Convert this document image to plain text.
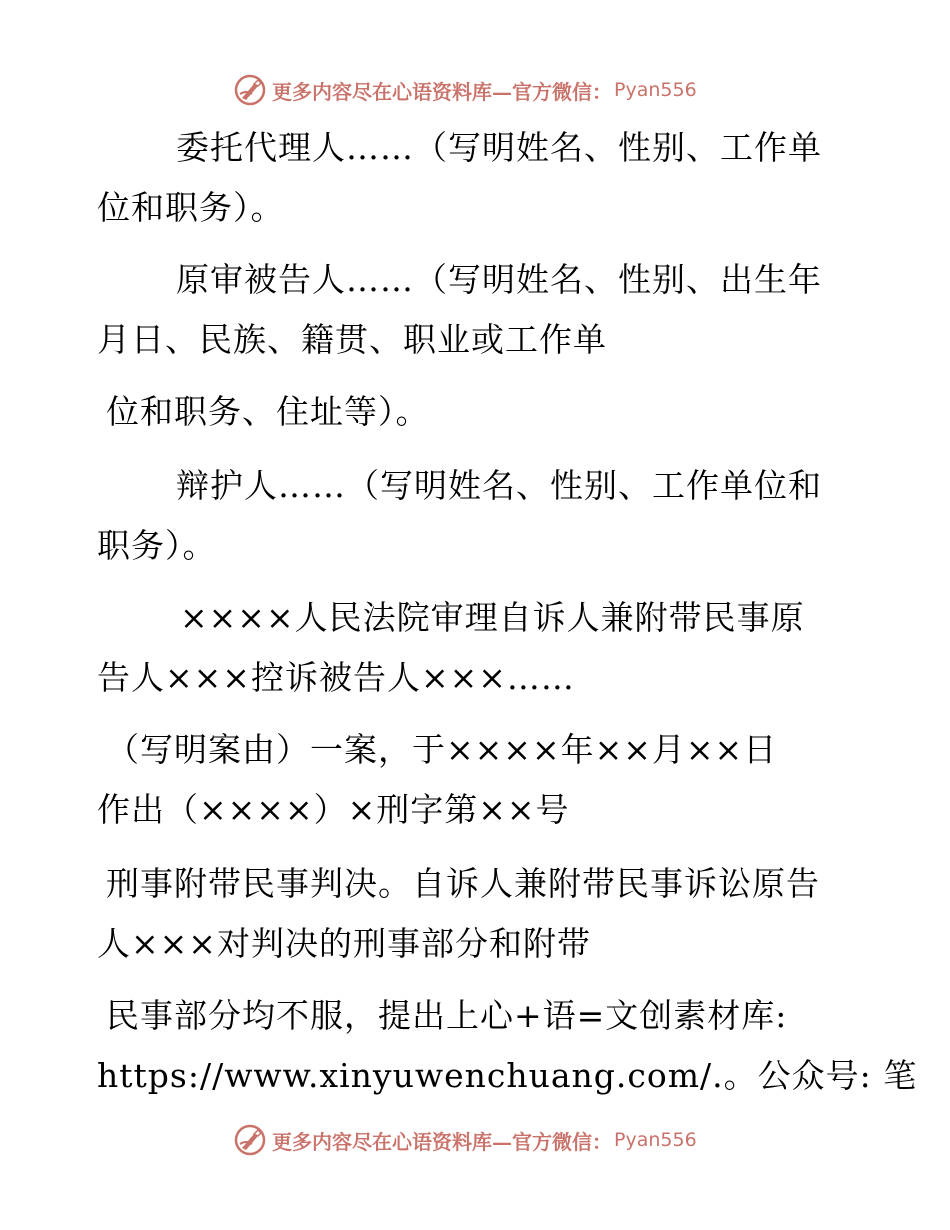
更多内容尽在心语资料库—官方微信： Pyan556
委托代理人……（写明姓名、性别、工作单
位和职务）。
原审被告人……（写明姓名、性别、出生年
月日、民族、籍贯、职业或工作单
位和职务、住址等）。
辩护人……（写明姓名、性别、工作单位和
职务）。
××××人民法院审理自诉人兼附带民事原
告人×××控诉被告人×××……
（写明案由）一案，于××××年××月××日
作出（××××）×刑字第××号
刑事附带民事判决。自诉人兼附带民事诉讼原告
人×××对判决的刑事部分和附带
民事部分均不服，提出上心+语=文创素材库:
https://www.xinyuwenchuang.com/.。公众号: 笔
更多内容尽在心语资料库—官方微信： Pyan556
